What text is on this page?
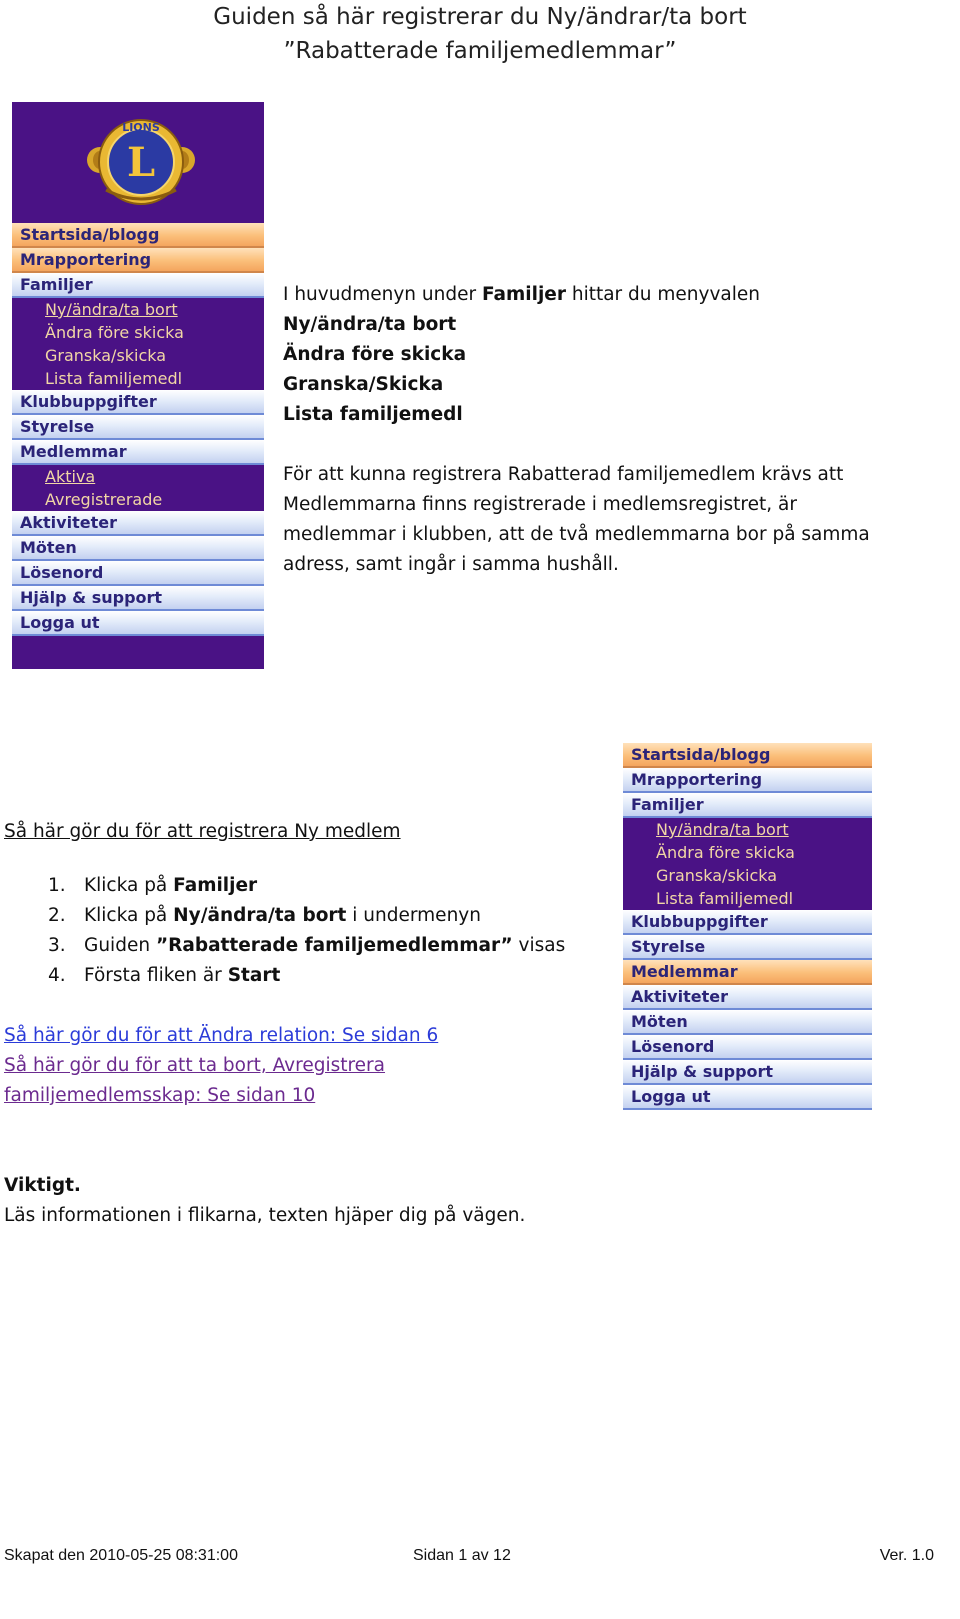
Guiden så här registrerar du Ny/ändrar/ta bort
”Rabatterade familjemedlemmar”
LIONS
L
Startsida/blogg
Mrapportering
Familjer
Ny/ändra/ta bort
Ändra före skicka
Granska/skicka
Lista familjemedl
Klubbuppgifter
Styrelse
Medlemmar
Aktiva
Avregistrerade
Aktiviteter
Möten
Lösenord
Hjälp & support
Logga ut
I huvudmenyn under Familjer hittar du menyvalen
Ny/ändra/ta bort
Ändra före skicka
Granska/Skicka
Lista familjemedl
För att kunna registrera Rabatterad familjemedlem krävs att
Medlemmarna finns registrerade i medlemsregistret, är
medlemmar i klubben, att de två medlemmarna bor på samma
adress, samt ingår i samma hushåll.
Så här gör du för att registrera Ny medlem
1. Klicka på Familjer
2. Klicka på Ny/ändra/ta bort i undermenyn
3. Guiden ”Rabatterade familjemedlemmar” visas
4. Första fliken är Start
Så här gör du för att Ändra relation: Se sidan 6
Så här gör du för att ta bort, Avregistrera
familjemedlemsskap: Se sidan 10
Startsida/blogg
Mrapportering
Familjer
Ny/ändra/ta bort
Ändra före skicka
Granska/skicka
Lista familjemedl
Klubbuppgifter
Styrelse
Medlemmar
Aktiviteter
Möten
Lösenord
Hjälp & support
Logga ut
Viktigt.
Läs informationen i flikarna, texten hjäper dig på vägen.
Skapat den 2010-05-25 08:31:00	Sidan 1 av 12	Ver. 1.0
